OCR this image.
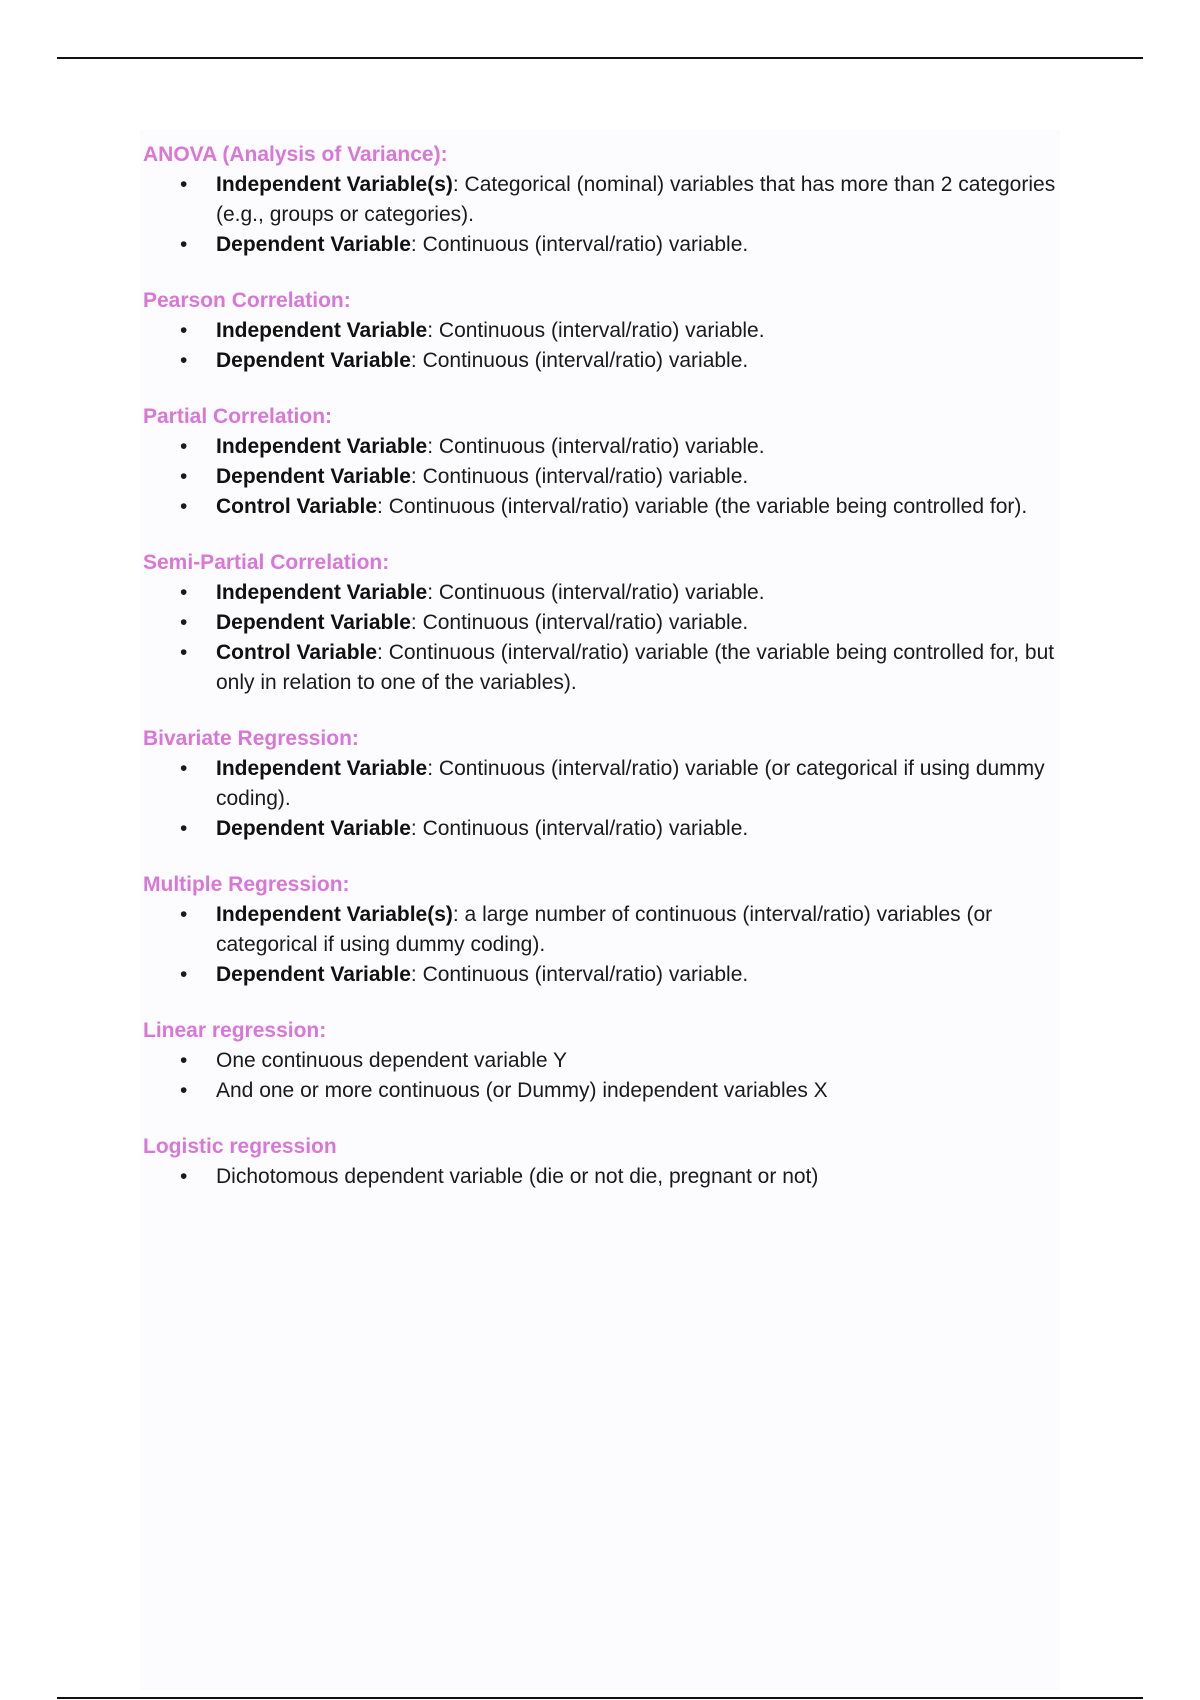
ANOVA (Analysis of Variance):
• Independent Variable(s): Categorical (nominal) variables that has more than 2 categories (e.g., groups or categories).
• Dependent Variable: Continuous (interval/ratio) variable.
Pearson Correlation:
• Independent Variable: Continuous (interval/ratio) variable.
• Dependent Variable: Continuous (interval/ratio) variable.
Partial Correlation:
• Independent Variable: Continuous (interval/ratio) variable.
• Dependent Variable: Continuous (interval/ratio) variable.
• Control Variable: Continuous (interval/ratio) variable (the variable being controlled for).
Semi-Partial Correlation:
• Independent Variable: Continuous (interval/ratio) variable.
• Dependent Variable: Continuous (interval/ratio) variable.
• Control Variable: Continuous (interval/ratio) variable (the variable being controlled for, but only in relation to one of the variables).
Bivariate Regression:
• Independent Variable: Continuous (interval/ratio) variable (or categorical if using dummy coding).
• Dependent Variable: Continuous (interval/ratio) variable.
Multiple Regression:
• Independent Variable(s): a large number of continuous (interval/ratio) variables (or categorical if using dummy coding).
• Dependent Variable: Continuous (interval/ratio) variable.
Linear regression:
• One continuous dependent variable Y
• And one or more continuous (or Dummy) independent variables X
Logistic regression
• Dichotomous dependent variable (die or not die, pregnant or not)
